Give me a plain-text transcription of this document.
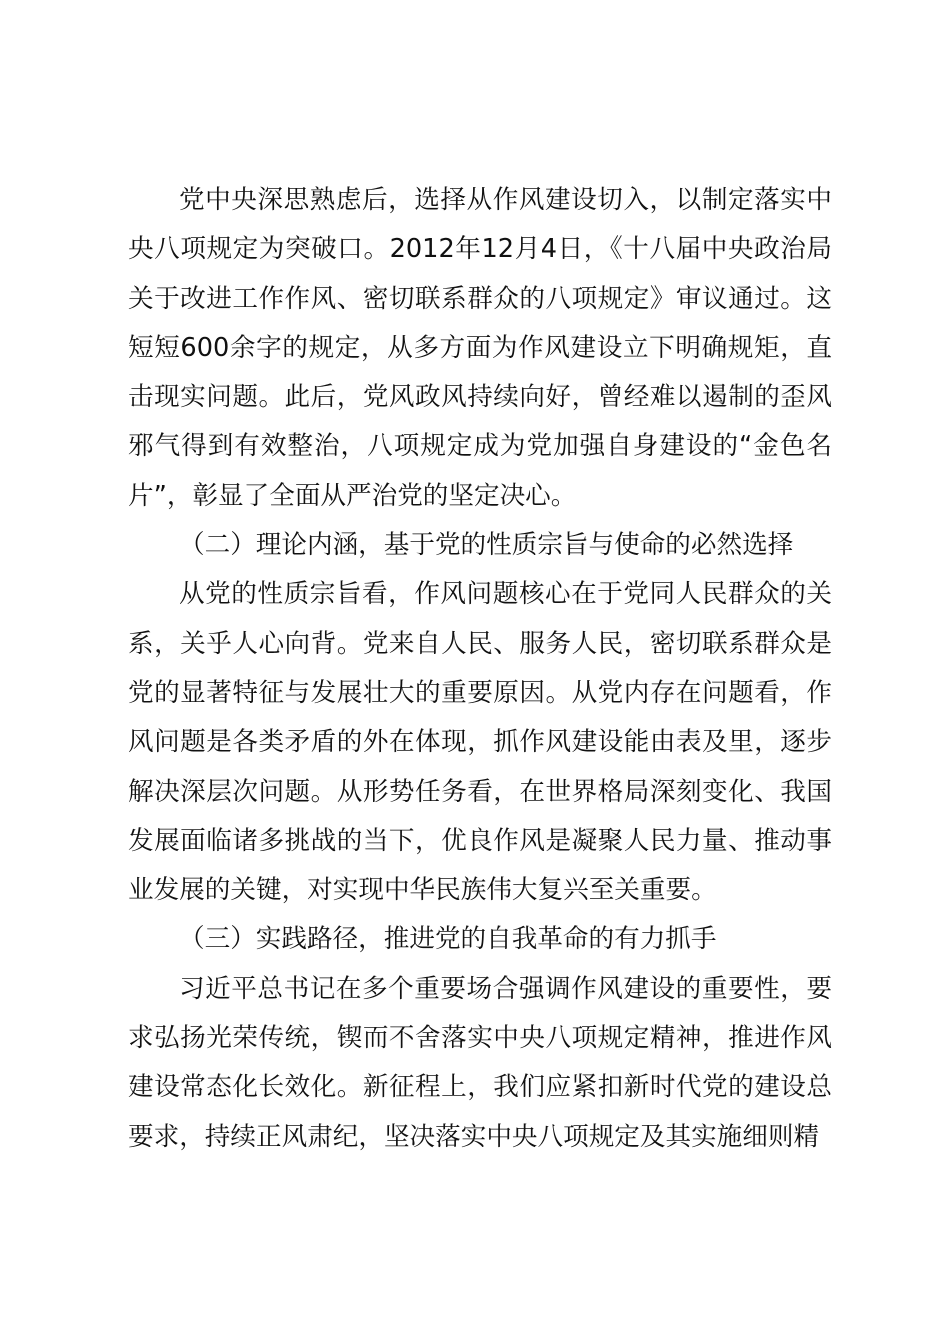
党中央深思熟虑后，选择从作风建设切入，以制定落实中央八项规定为突破口。2012年12月4日，《十八届中央政治局关于改进工作作风、密切联系群众的八项规定》审议通过。这短短600余字的规定，从多方面为作风建设立下明确规矩，直击现实问题。此后，党风政风持续向好，曾经难以遏制的歪风邪气得到有效整治，八项规定成为党加强自身建设的“金色名片”，彰显了全面从严治党的坚定决心。

（二）理论内涵，基于党的性质宗旨与使命的必然选择

从党的性质宗旨看，作风问题核心在于党同人民群众的关系，关乎人心向背。党来自人民、服务人民，密切联系群众是党的显著特征与发展壮大的重要原因。从党内存在问题看，作风问题是各类矛盾的外在体现，抓作风建设能由表及里，逐步解决深层次问题。从形势任务看，在世界格局深刻变化、我国发展面临诸多挑战的当下，优良作风是凝聚人民力量、推动事业发展的关键，对实现中华民族伟大复兴至关重要。

（三）实践路径，推进党的自我革命的有力抓手

习近平总书记在多个重要场合强调作风建设的重要性，要求弘扬光荣传统，锲而不舍落实中央八项规定精神，推进作风建设常态化长效化。新征程上，我们应紧扣新时代党的建设总要求，持续正风肃纪，坚决落实中央八项规定及其实施细则精
